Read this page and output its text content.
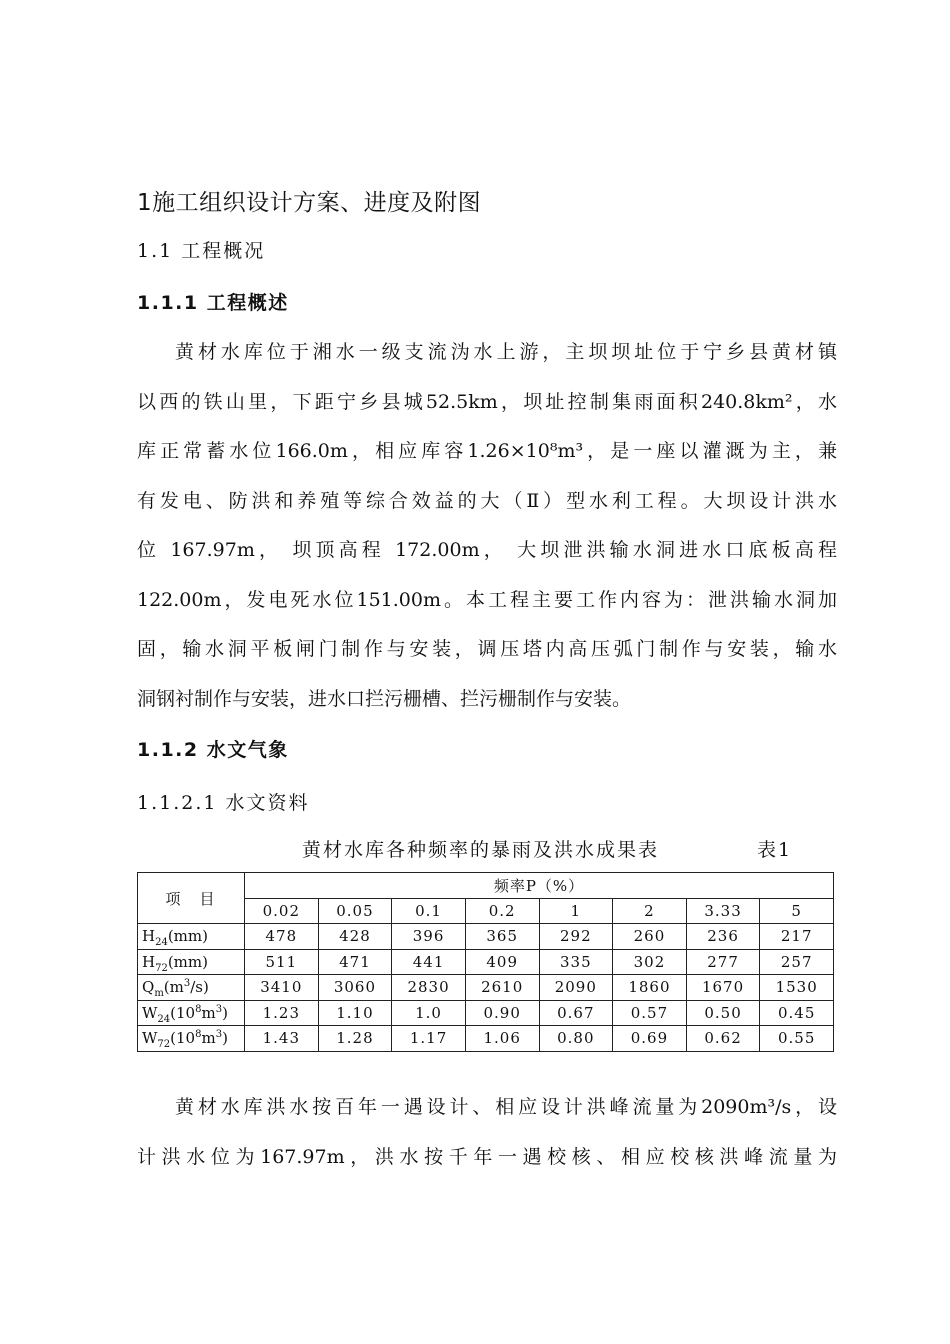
1施工组织设计方案、进度及附图
1.1 工程概况
1.1.1 工程概述
黄材水库位于湘水一级支流沩水上游，主坝坝址位于宁乡县黄材镇
以西的铁山里，下距宁乡县城52.5km，坝址控制集雨面积240.8km²，水
库正常蓄水位166.0m，相应库容1.26×10⁸m³，是一座以灌溉为主，兼
有发电、防洪和养殖等综合效益的大（Ⅱ）型水利工程。大坝设计洪水
位 167.97m， 坝顶高程 172.00m， 大坝泄洪输水洞进水口底板高程
122.00m，发电死水位151.00m。本工程主要工作内容为：泄洪输水洞加
固，输水洞平板闸门制作与安装，调压塔内高压弧门制作与安装，输水
洞钢衬制作与安装，进水口拦污栅槽、拦污栅制作与安装。
1.1.2 水文气象
1.1.2.1 水文资料
黄材水库各种频率的暴雨及洪水成果表	表1
项　目	频率P（%）							
	0.02	0.05	0.1	0.2	1	2	3.33	5
$H_{24}(mm)$	478	428	396	365	292	260	236	217
$H_{72}(mm)$	511	471	441	409	335	302	277	257
$Q_m(m^3/s)$	3410	3060	2830	2610	2090	1860	1670	1530
$W_{24}(10^8m^3)$	1.23	1.10	1.0	0.90	0.67	0.57	0.50	0.45
$W_{72}(10^8m^3)$	1.43	1.28	1.17	1.06	0.80	0.69	0.62	0.55
黄材水库洪水按百年一遇设计、相应设计洪峰流量为2090m³/s，设
计洪水位为167.97m，洪水按千年一遇校核、相应校核洪峰流量为
